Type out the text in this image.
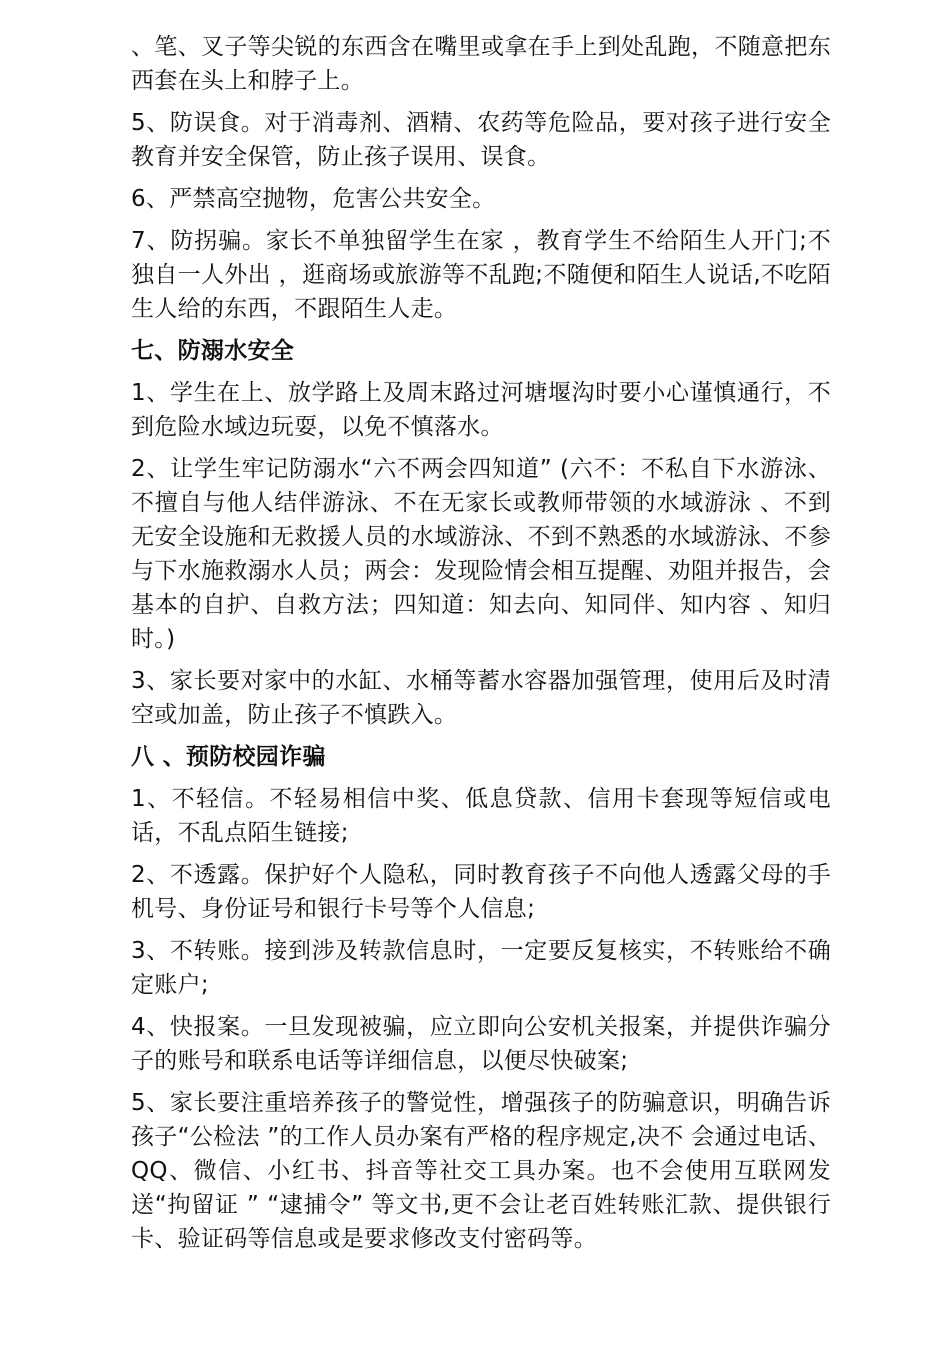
、笔、叉子等尖锐的东西含在嘴里或拿在手上到处乱跑，不随意把东西套在头上和脖子上。

5、防误食。对于消毒剂、酒精、农药等危险品，要对孩子进行安全教育并安全保管，防止孩子误用、误食。

6、严禁高空抛物，危害公共安全。

7、防拐骗。家长不单独留学生在家 ，教育学生不给陌生人开门;不独自一人外出 ，逛商场或旅游等不乱跑;不随便和陌生人说话,不吃陌生人给的东西，不跟陌生人走。

七、防溺水安全

1、学生在上、放学路上及周末路过河塘堰沟时要小心谨慎通行，不到危险水域边玩耍，以免不慎落水。

2、让学生牢记防溺水“六不两会四知道” (六不：不私自下水游泳、不擅自与他人结伴游泳、不在无家长或教师带领的水域游泳 、不到无安全设施和无救援人员的水域游泳、不到不熟悉的水域游泳、不参与下水施救溺水人员；两会：发现险情会相互提醒、劝阻并报告，会基本的自护、自救方法；四知道：知去向、知同伴、知内容 、知归时。)

3、家长要对家中的水缸、水桶等蓄水容器加强管理，使用后及时清空或加盖，防止孩子不慎跌入。

八 、预防校园诈骗

1、不轻信。不轻易相信中奖、低息贷款、信用卡套现等短信或电话，不乱点陌生链接;

2、不透露。保护好个人隐私，同时教育孩子不向他人透露父母的手机号、身份证号和银行卡号等个人信息;

3、不转账。接到涉及转款信息时，一定要反复核实，不转账给不确定账户;

4、快报案。一旦发现被骗，应立即向公安机关报案，并提供诈骗分子的账号和联系电话等详细信息，以便尽快破案;

5、家长要注重培养孩子的警觉性，增强孩子的防骗意识，明确告诉孩子“公检法 ”的工作人员办案有严格的程序规定,决不 会通过电话、QQ、微信、小红书、抖音等社交工具办案。也不会使用互联网发送“拘留证 ” “逮捕令” 等文书,更不会让老百姓转账汇款、提供银行卡、验证码等信息或是要求修改支付密码等。
